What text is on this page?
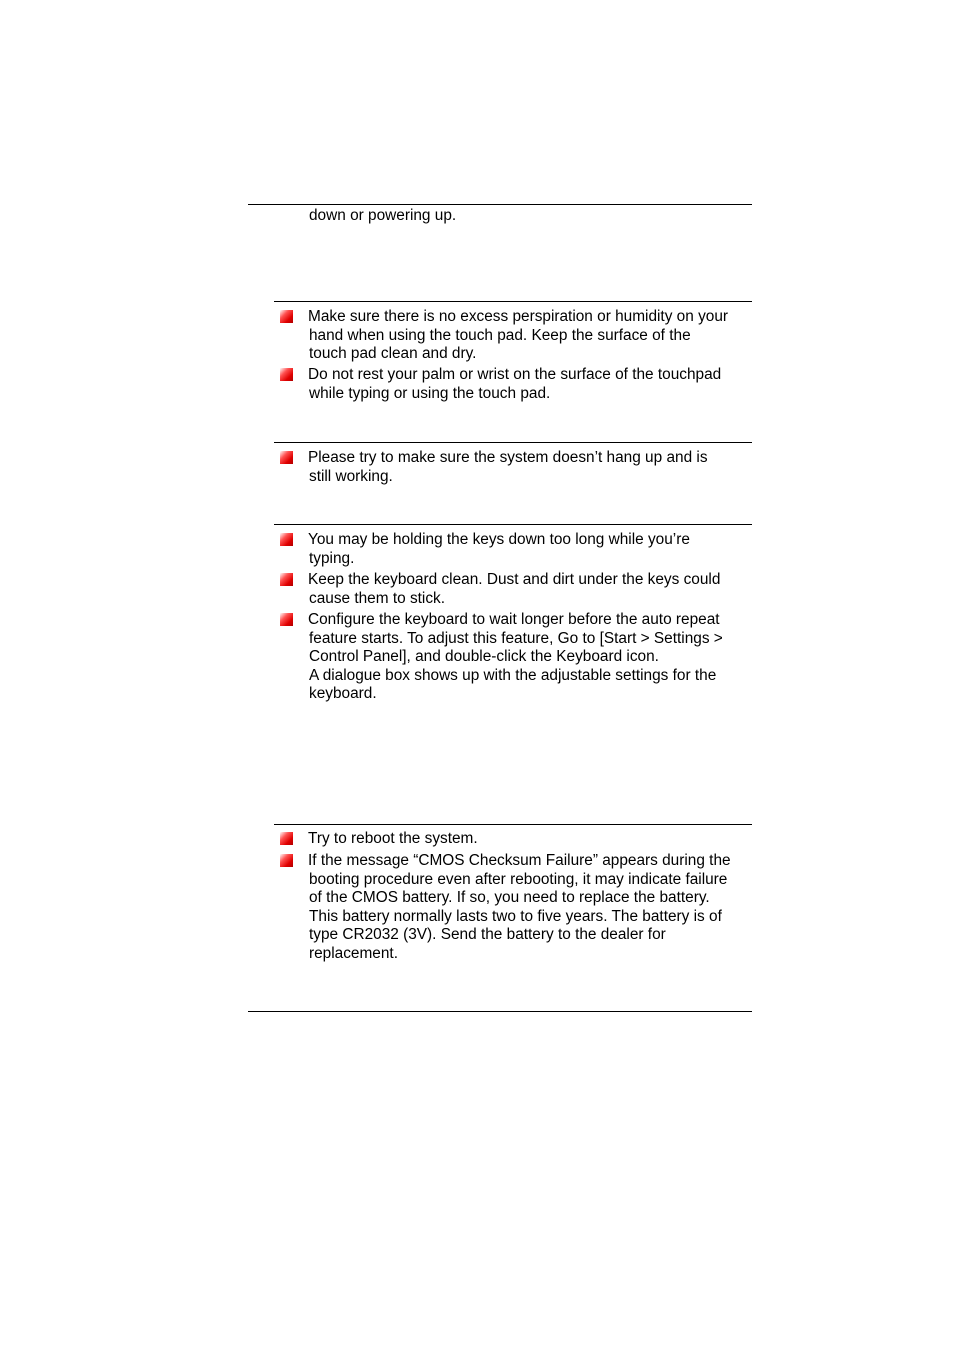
down or powering up.
Make sure there is no excess perspiration or humidity on your
hand when using the touch pad. Keep the surface of the
touch pad clean and dry.
Do not rest your palm or wrist on the surface of the touchpad
while typing or using the touch pad.
Please try to make sure the system doesn’t hang up and is
still working.
You may be holding the keys down too long while you’re
typing.
Keep the keyboard clean. Dust and dirt under the keys could
cause them to stick.
Configure the keyboard to wait longer before the auto repeat
feature starts. To adjust this feature, Go to [Start > Settings >
Control Panel], and double-click the Keyboard icon.
A dialogue box shows up with the adjustable settings for the
keyboard.
Try to reboot the system.
If the message “CMOS Checksum Failure” appears during the
booting procedure even after rebooting, it may indicate failure
of the CMOS battery. If so, you need to replace the battery.
This battery normally lasts two to five years. The battery is of
type CR2032 (3V). Send the battery to the dealer for
replacement.
